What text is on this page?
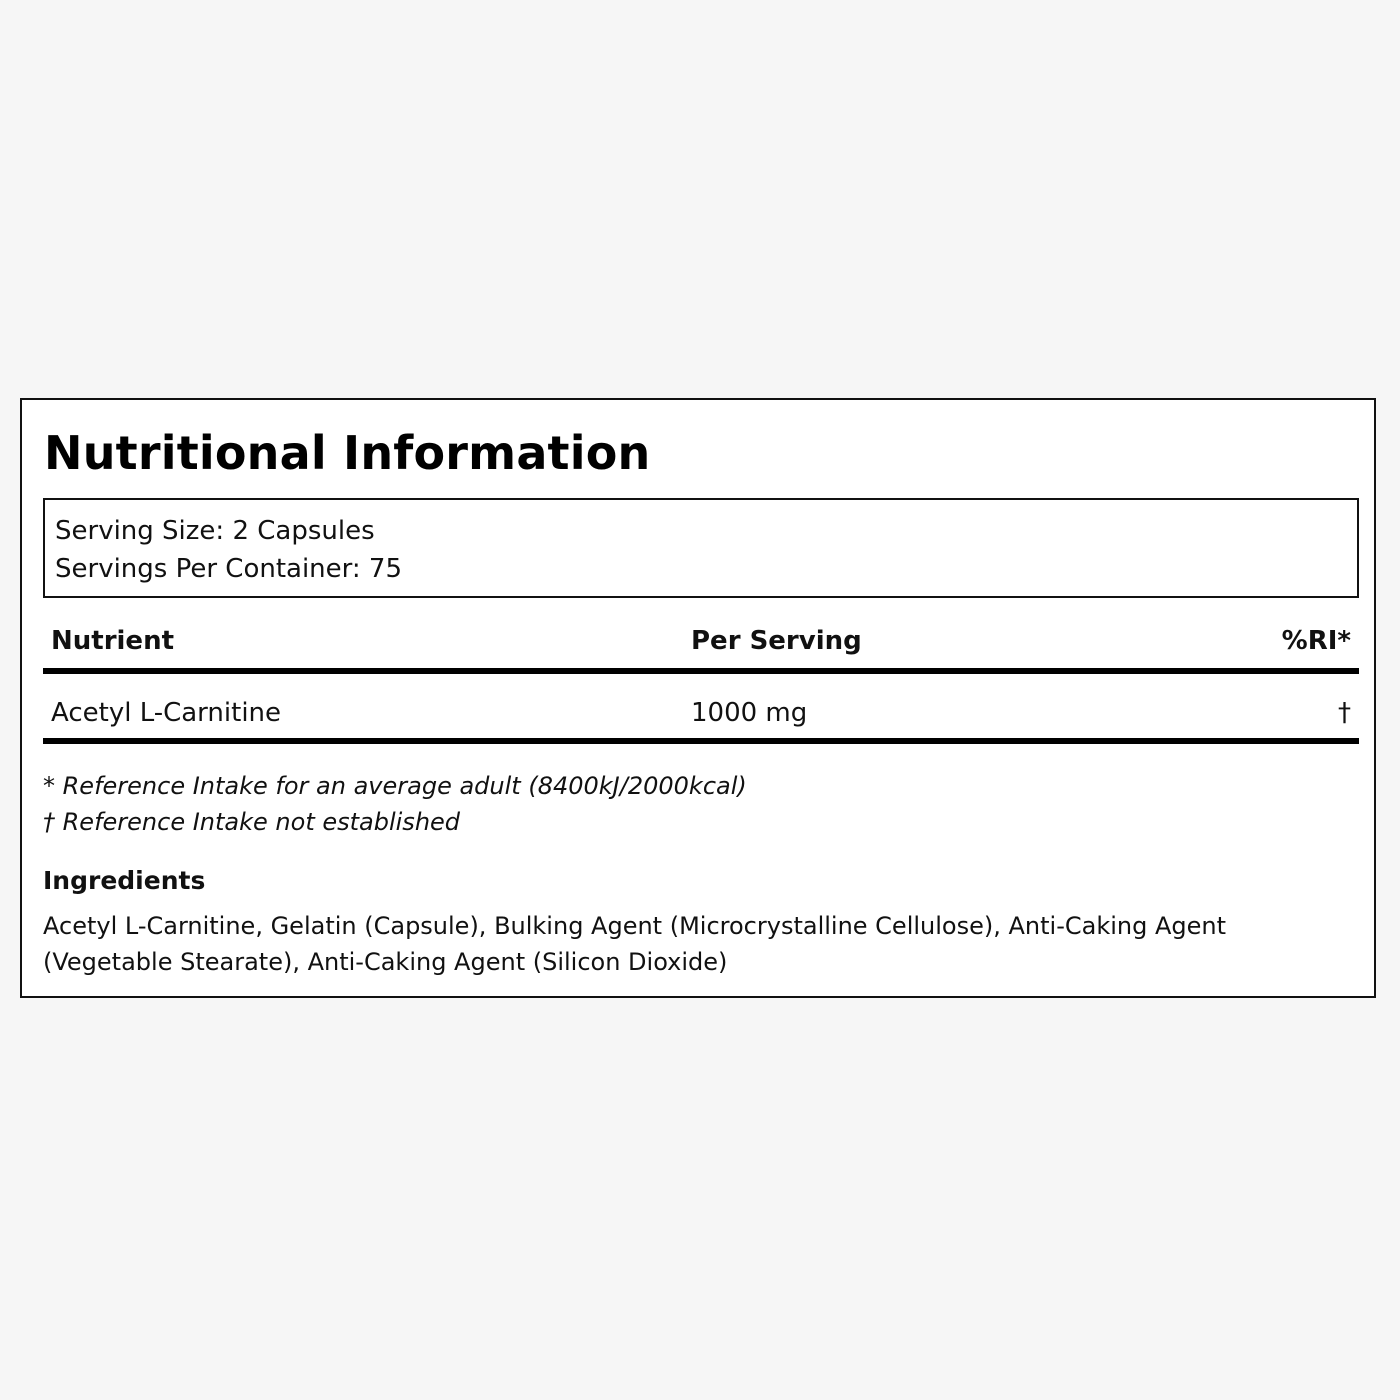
Nutritional Information
Serving Size: 2 Capsules
Servings Per Container: 75
Nutrient	Per Serving	%RI*
Acetyl L-Carnitine	1000 mg	†
* Reference Intake for an average adult (8400kJ/2000kcal)
† Reference Intake not established
Ingredients

Acetyl L-Carnitine, Gelatin (Capsule), Bulking Agent (Microcrystalline Cellulose), Anti-Caking Agent (Vegetable Stearate), Anti-Caking Agent (Silicon Dioxide)
